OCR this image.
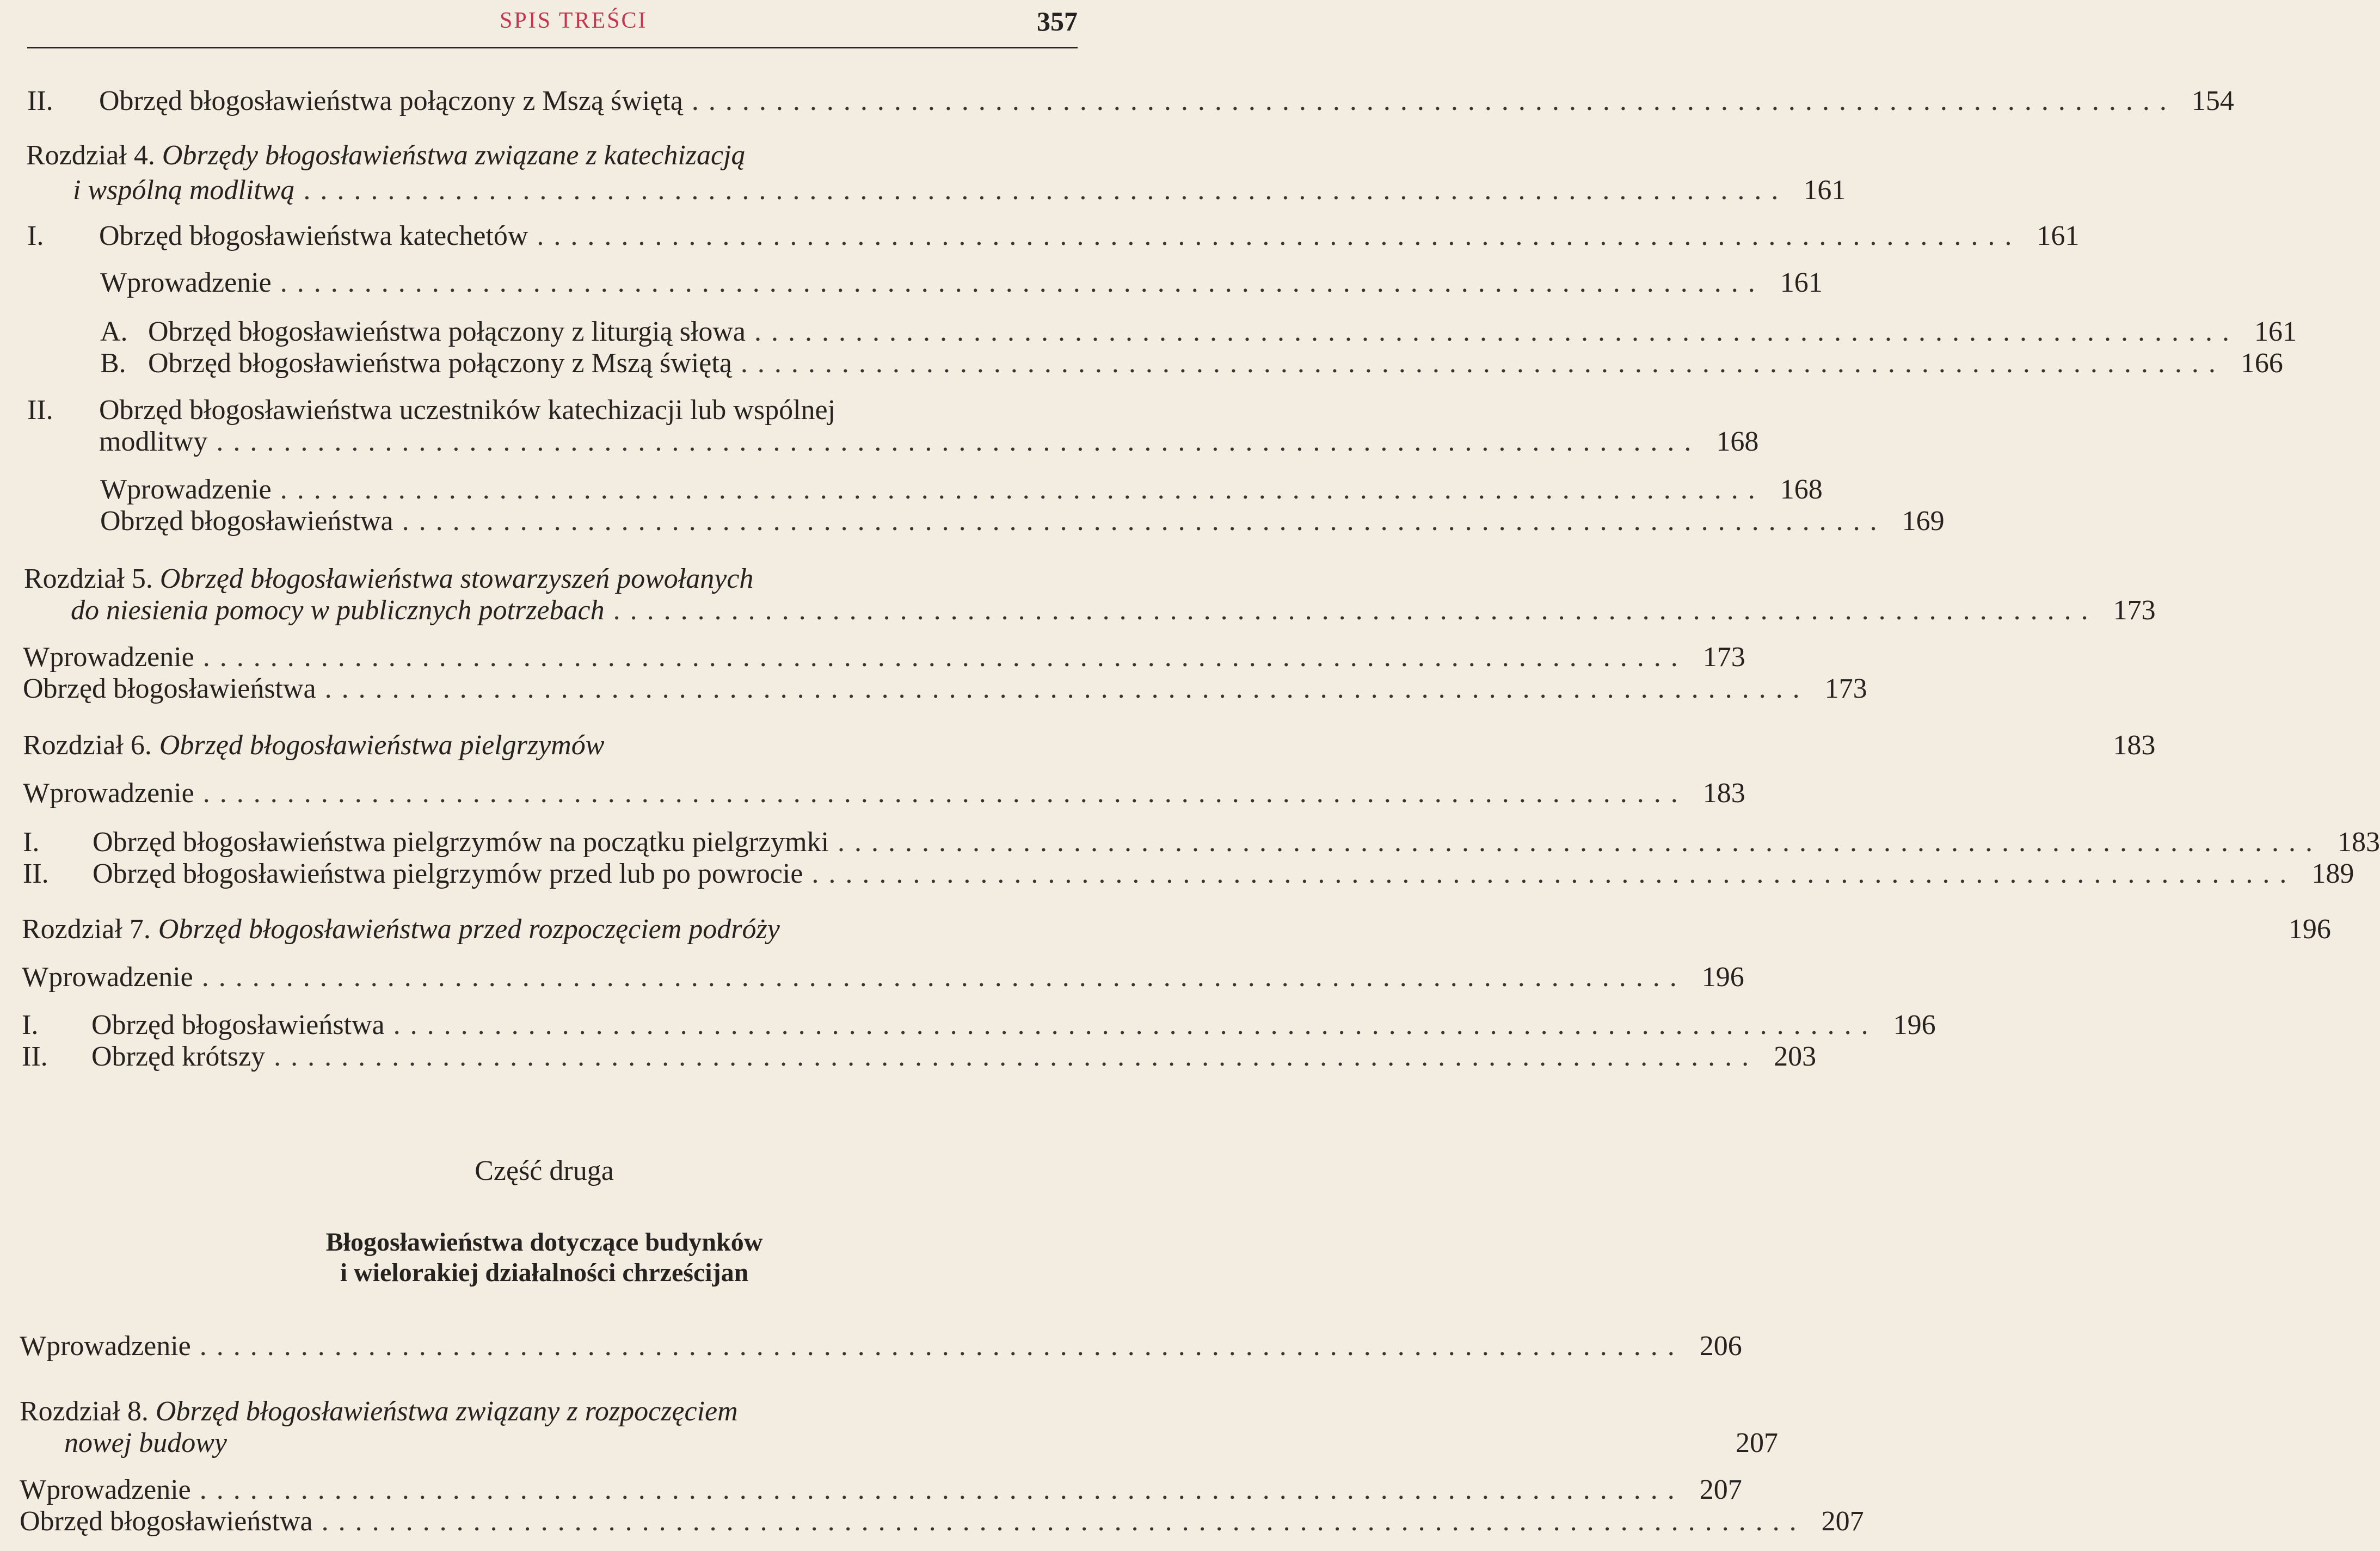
SPIS TREŚCI	357
II.	Obrzęd błogosławieństwa połączony z Mszą świętą ........................................................................................ 154
Rozdział 4. Obrzędy błogosławieństwa związane z katechizacją
i wspólną modlitwą ........................................................................................ 161
I.	Obrzęd błogosławieństwa katechetów ........................................................................................ 161
Wprowadzenie ........................................................................................ 161
A. Obrzęd błogosławieństwa połączony z liturgią słowa ........................................................................................ 161
B. Obrzęd błogosławieństwa połączony z Mszą świętą ........................................................................................ 166
II. Obrzęd błogosławieństwa uczestników katechizacji lub wspólnej
modlitwy ........................................................................................ 168
Wprowadzenie ........................................................................................ 168
Obrzęd błogosławieństwa ........................................................................................ 169
Rozdział 5. Obrzęd błogosławieństwa stowarzyszeń powołanych
do niesienia pomocy w publicznych potrzebach ........................................................................................ 173
Wprowadzenie ........................................................................................ 173
Obrzęd błogosławieństwa ........................................................................................ 173
Rozdział 6. Obrzęd błogosławieństwa pielgrzymów	183
Wprowadzenie ........................................................................................ 183
I.	Obrzęd błogosławieństwa pielgrzymów na początku pielgrzymki ........................................................................................ 183
II.	Obrzęd błogosławieństwa pielgrzymów przed lub po powrocie ........................................................................................ 189
Rozdział 7. Obrzęd błogosławieństwa przed rozpoczęciem podróży	196
Wprowadzenie ........................................................................................ 196
I.	Obrzęd błogosławieństwa ........................................................................................ 196
II.	Obrzęd krótszy ........................................................................................ 203
Część druga
Błogosławieństwa dotyczące budynków
i wielorakiej działalności chrześcijan
Wprowadzenie ........................................................................................ 206
Rozdział 8. Obrzęd błogosławieństwa związany z rozpoczęciem
nowej budowy	207
Wprowadzenie ........................................................................................ 207
Obrzęd błogosławieństwa ........................................................................................ 207
